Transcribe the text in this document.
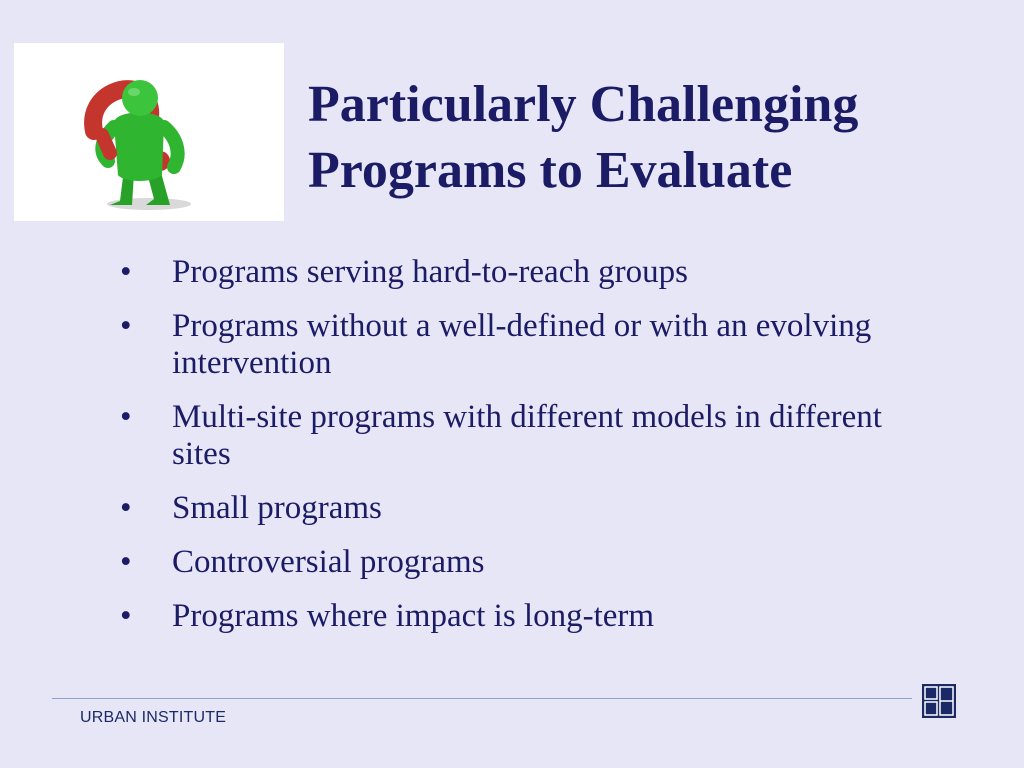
Particularly Challenging
Programs to Evaluate
• Programs serving hard-to-reach groups
• Programs without a well-defined or with an evolving intervention
• Multi-site programs with different models in different sites
• Small programs
• Controversial programs
• Programs where impact is long-term
URBAN INSTITUTE
